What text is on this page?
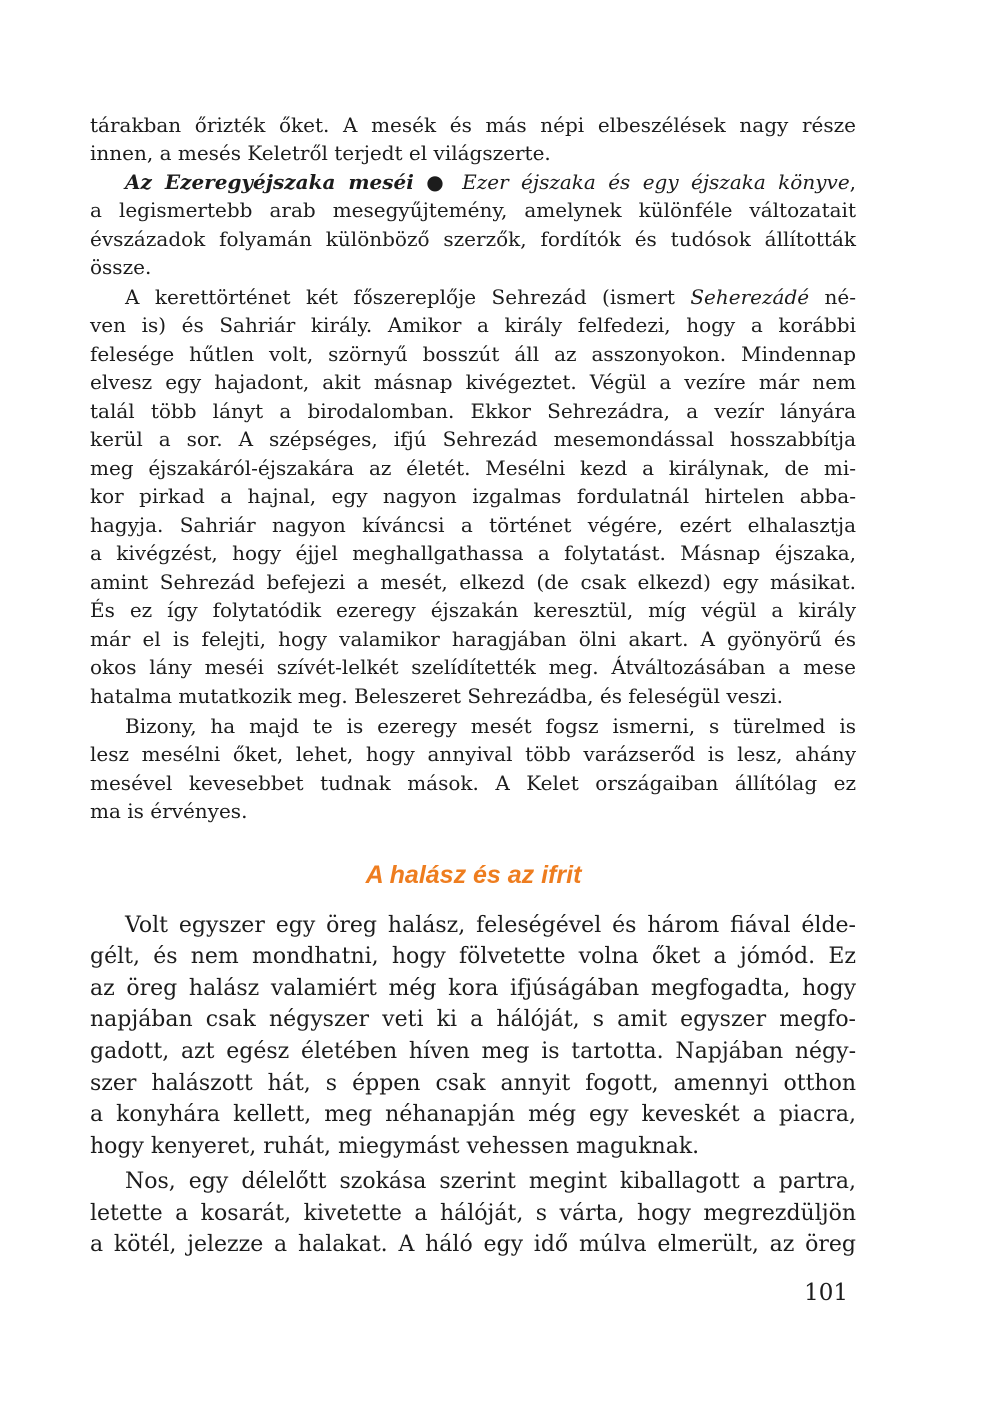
tárakban őrizték őket. A mesék és más népi elbeszélések nagy része
innen, a mesés Keletről terjedt el világszerte.
Az Ezeregyéjszaka meséi ● Ezer éjszaka és egy éjszaka könyve,
a legismertebb arab mesegyűjtemény, amelynek különféle változatait
évszázadok folyamán különböző szerzők, fordítók és tudósok állították
össze.
A kerettörténet két főszereplője Sehrezád (ismert Seherezádé né-
ven is) és Sahriár király. Amikor a király felfedezi, hogy a korábbi
felesége hűtlen volt, szörnyű bosszút áll az asszonyokon. Mindennap
elvesz egy hajadont, akit másnap kivégeztet. Végül a vezíre már nem
talál több lányt a birodalomban. Ekkor Sehrezádra, a vezír lányára
kerül a sor. A szépséges, ifjú Sehrezád mesemondással hosszabbítja
meg éjszakáról-éjszakára az életét. Mesélni kezd a királynak, de mi-
kor pirkad a hajnal, egy nagyon izgalmas fordulatnál hirtelen abba-
hagyja. Sahriár nagyon kíváncsi a történet végére, ezért elhalasztja
a kivégzést, hogy éjjel meghallgathassa a folytatást. Másnap éjszaka,
amint Sehrezád befejezi a mesét, elkezd (de csak elkezd) egy másikat.
És ez így folytatódik ezeregy éjszakán keresztül, míg végül a király
már el is felejti, hogy valamikor haragjában ölni akart. A gyönyörű és
okos lány meséi szívét-lelkét szelídítették meg. Átváltozásában a mese
hatalma mutatkozik meg. Beleszeret Sehrezádba, és feleségül veszi.
Bizony, ha majd te is ezeregy mesét fogsz ismerni, s türelmed is
lesz mesélni őket, lehet, hogy annyival több varázserőd is lesz, ahány
mesével kevesebbet tudnak mások. A Kelet országaiban állítólag ez
ma is érvényes.
A halász és az ifrit
Volt egyszer egy öreg halász, feleségével és három fiával élde-
gélt, és nem mondhatni, hogy fölvetette volna őket a jómód. Ez
az öreg halász valamiért még kora ifjúságában megfogadta, hogy
napjában csak négyszer veti ki a hálóját, s amit egyszer megfo-
gadott, azt egész életében híven meg is tartotta. Napjában négy-
szer halászott hát, s éppen csak annyit fogott, amennyi otthon
a konyhára kellett, meg néhanapján még egy keveskét a piacra,
hogy kenyeret, ruhát, miegymást vehessen maguknak.
Nos, egy délelőtt szokása szerint megint kiballagott a partra,
letette a kosarát, kivetette a hálóját, s várta, hogy megrezdüljön
a kötél, jelezze a halakat. A háló egy idő múlva elmerült, az öreg
101
